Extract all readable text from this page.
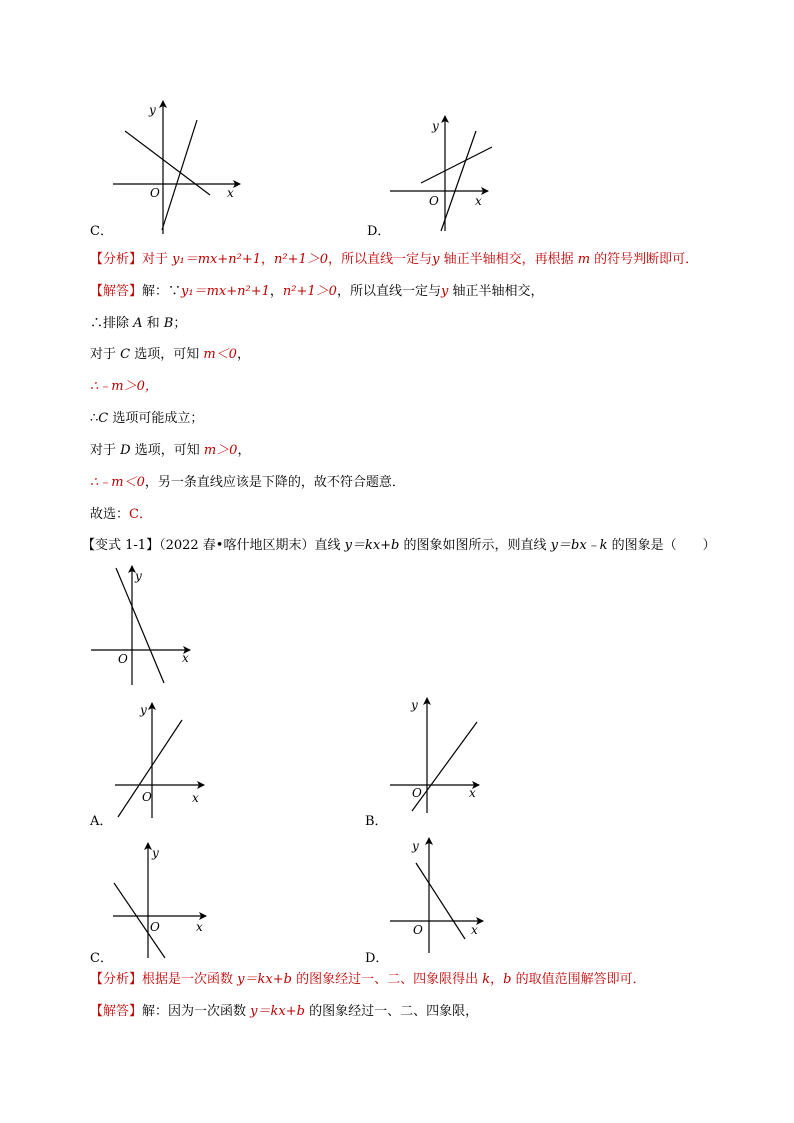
y
x
O
C．
y
x
O
D．
【分析】对于 y₁＝mx+n²+1，n²+1＞0，所以直线一定与y 轴正半轴相交，再根据 m 的符号判断即可．
【解答】解：∵y₁＝mx+n²+1，n²+1＞0，所以直线一定与y 轴正半轴相交，
∴排除 A 和 B；
对于 C 选项，可知 m＜0，
∴﹣m＞0，
∴C 选项可能成立；
对于 D 选项，可知 m＞0，
∴﹣m＜0，另一条直线应该是下降的，故不符合题意．
故选：C．
【变式 1-1】（2022 春•喀什地区期末）直线 y＝kx+b 的图象如图所示，则直线 y＝bx﹣k 的图象是（　　）
y
x
O
y
x
O
A．
y
x
O
B．
y
x
O
C．
y
x
O
D．
【分析】根据是一次函数 y＝kx+b 的图象经过一、二、四象限得出 k，b 的取值范围解答即可．
【解答】解：因为一次函数 y＝kx+b 的图象经过一、二、四象限，
